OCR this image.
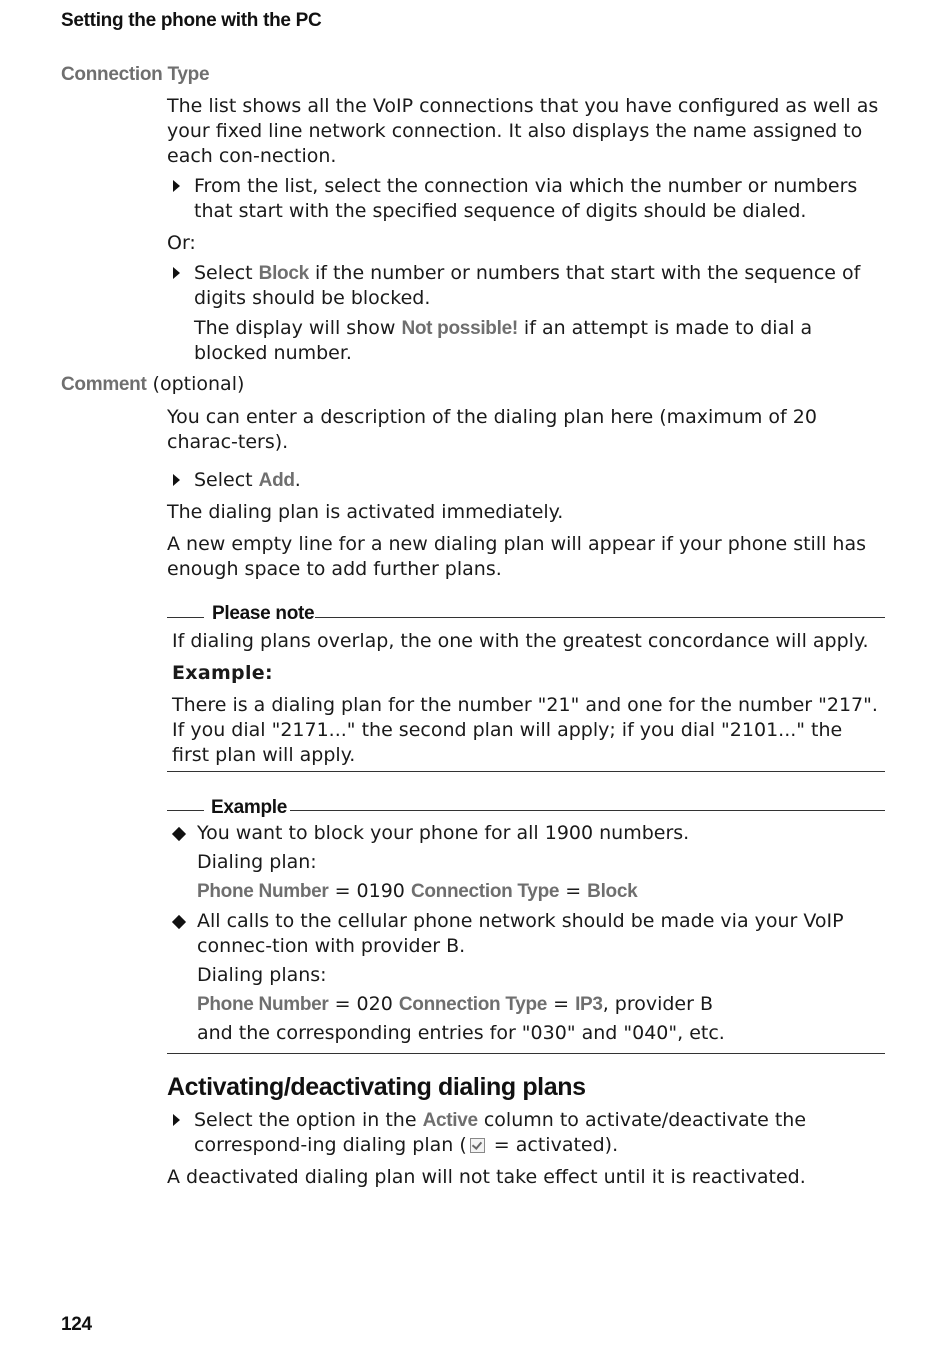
Setting the phone with the PC
Connection Type

The list shows all the VoIP connections that you have configured as well as your fixed line network connection. It also displays the name assigned to each con-nection.

From the list, select the connection via which the number or numbers that start with the specified sequence of digits should be dialed.

Or:

Select Block if the number or numbers that start with the sequence of digits should be blocked.
The display will show Not possible! if an attempt is made to dial a blocked number.
Comment (optional)

You can enter a description of the dialing plan here (maximum of 20 charac-ters).

Select Add.

The dialing plan is activated immediately.

A new empty line for a new dialing plan will appear if your phone still has enough space to add further plans.

Please note

If dialing plans overlap, the one with the greatest concordance will apply.

Example:

There is a dialing plan for the number "21" and one for the number "217". If you dial "2171..." the second plan will apply; if you dial "2101..." the first plan will apply.

Example
You want to block your phone for all 1900 numbers.
Dialing plan:
Phone Number = 0190 Connection Type = Block
All calls to the cellular phone network should be made via your VoIP connec-tion with provider B.
Dialing plans:
Phone Number = 020 Connection Type = IP3, provider B
and the corresponding entries for "030" and "040", etc.
Activating/deactivating dialing plans
Select the option in the Active column to activate/deactivate the correspond-ing dialing plan ( = activated).

A deactivated dialing plan will not take effect until it is reactivated.

124
